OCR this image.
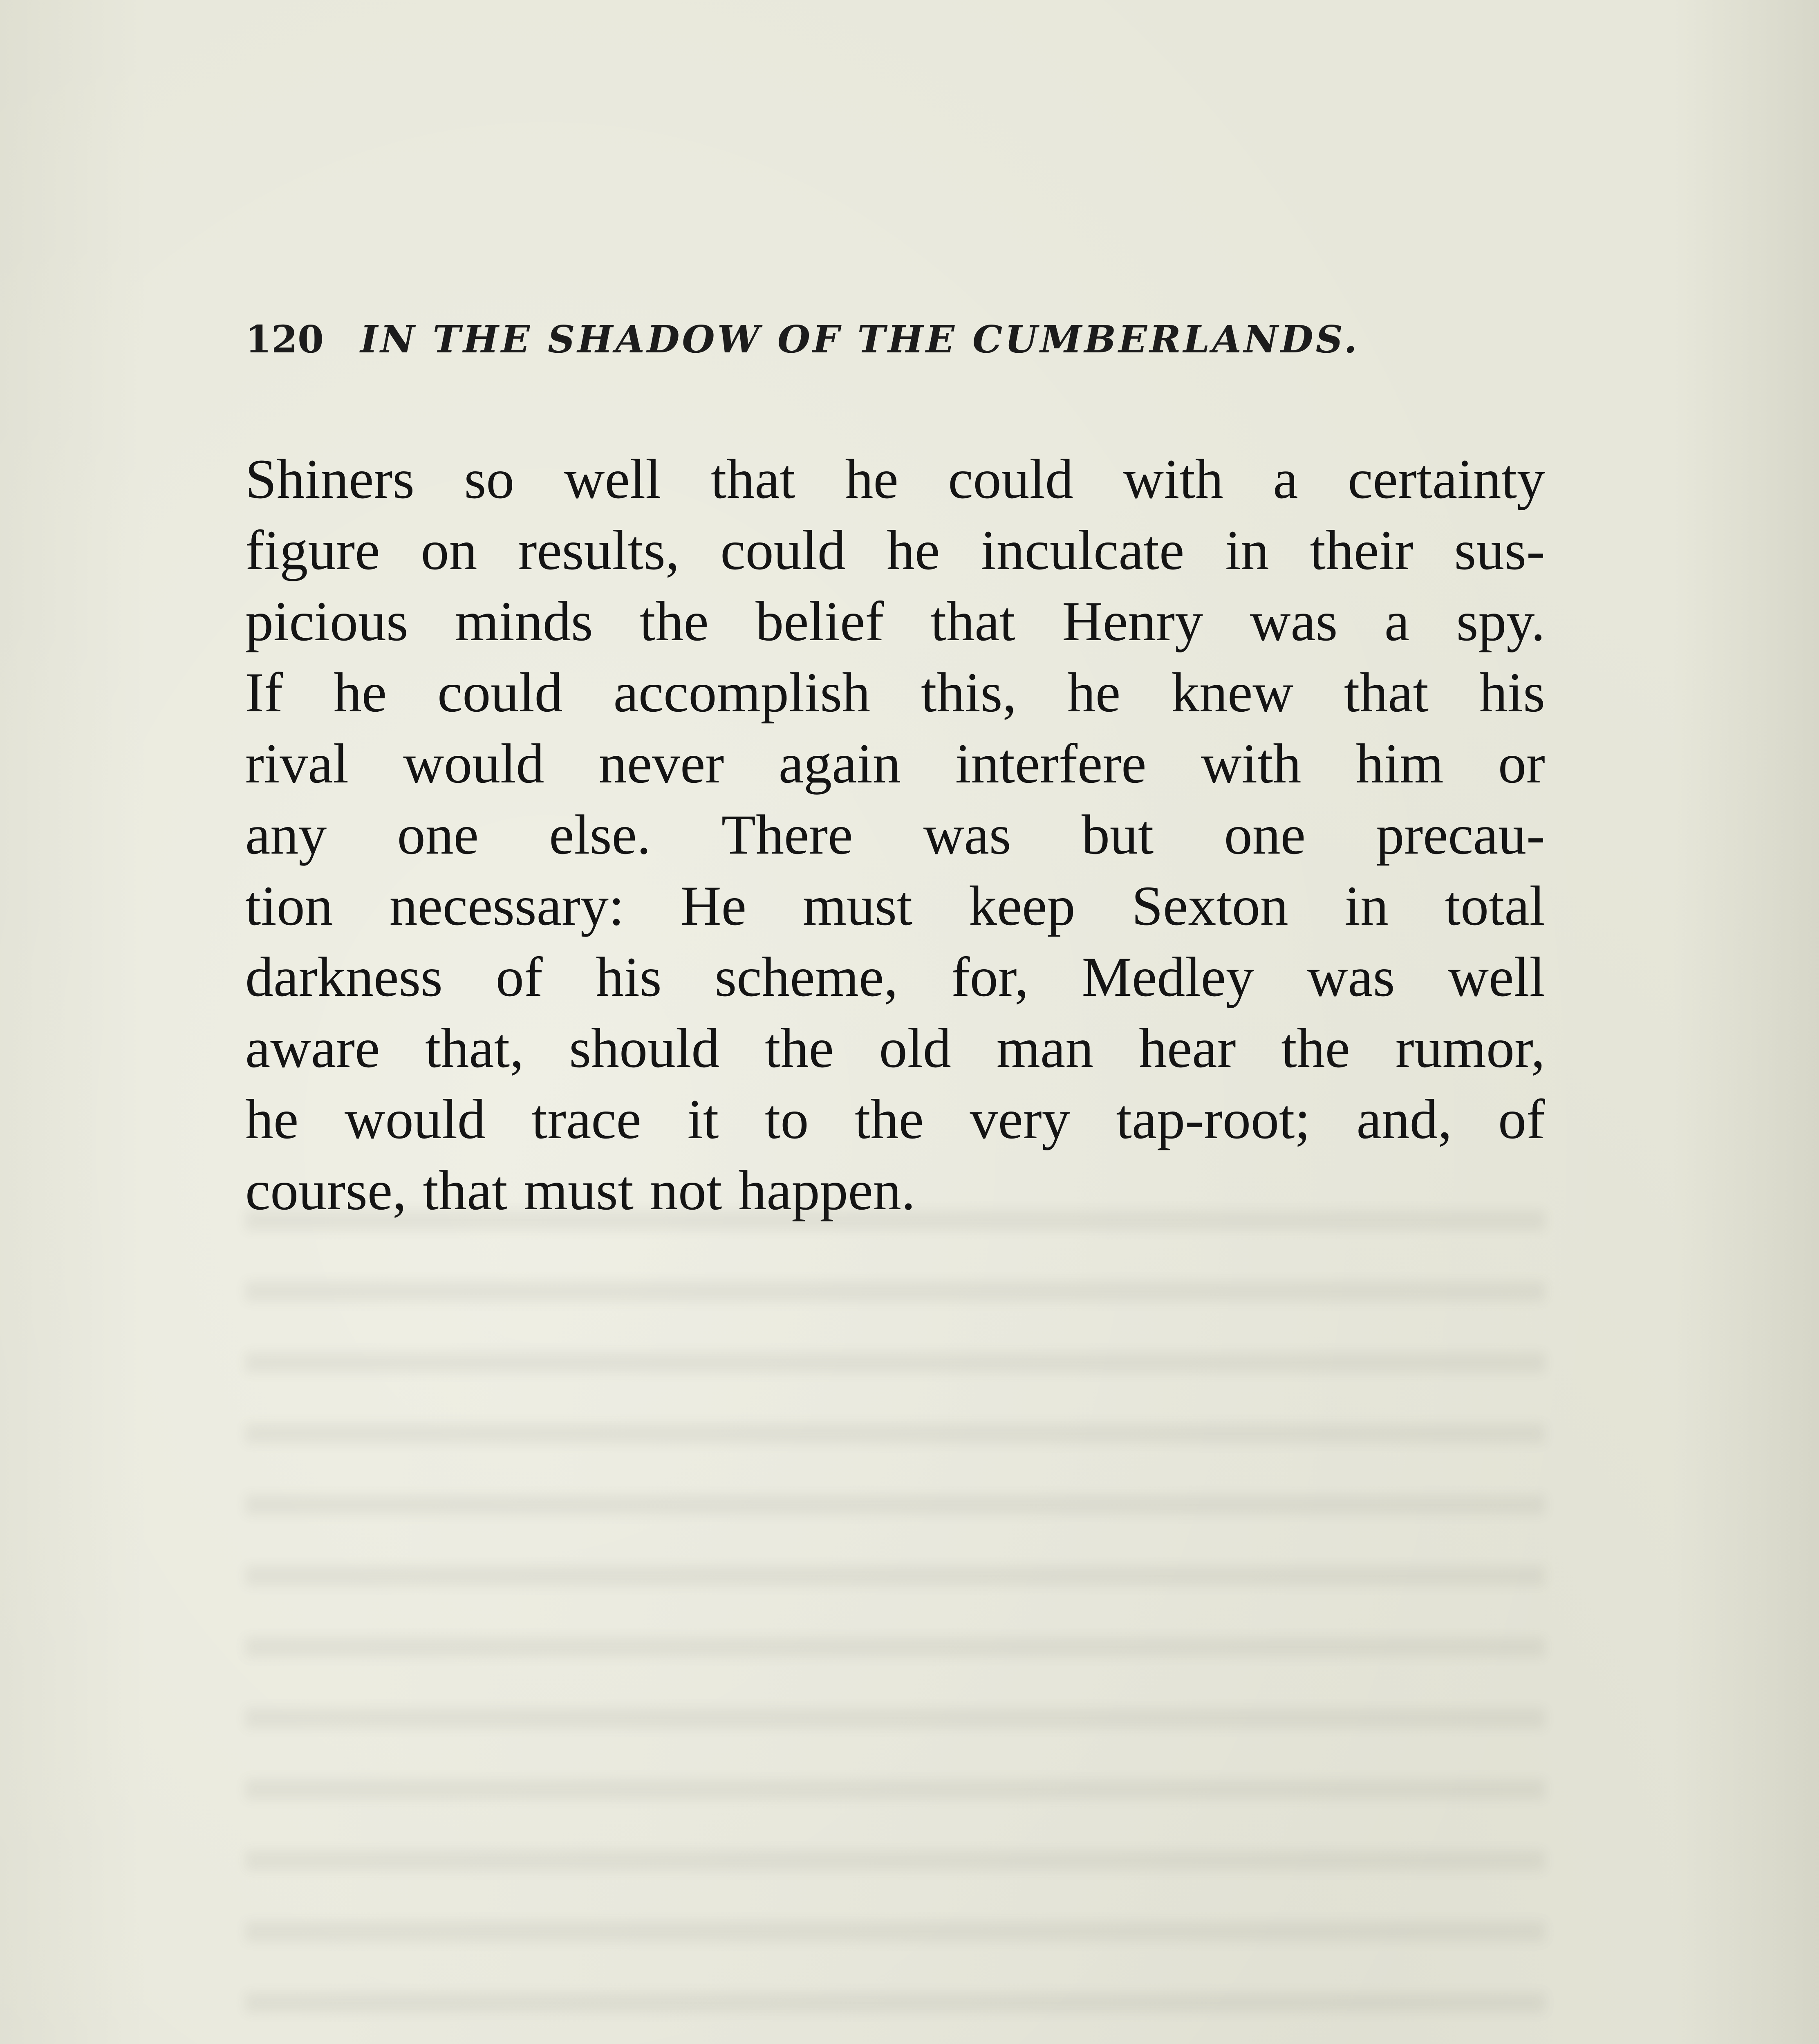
120 IN THE SHADOW OF THE CUMBERLANDS.
Shiners so well that he could with a certainty
figure on results, could he inculcate in their sus-
picious minds the belief that Henry was a spy.
If he could accomplish this, he knew that his
rival would never again interfere with him or
any one else. There was but one precau-
tion necessary: He must keep Sexton in total
darkness of his scheme, for, Medley was well
aware that, should the old man hear the rumor,
he would trace it to the very tap-root; and, of
course, that must not happen.
